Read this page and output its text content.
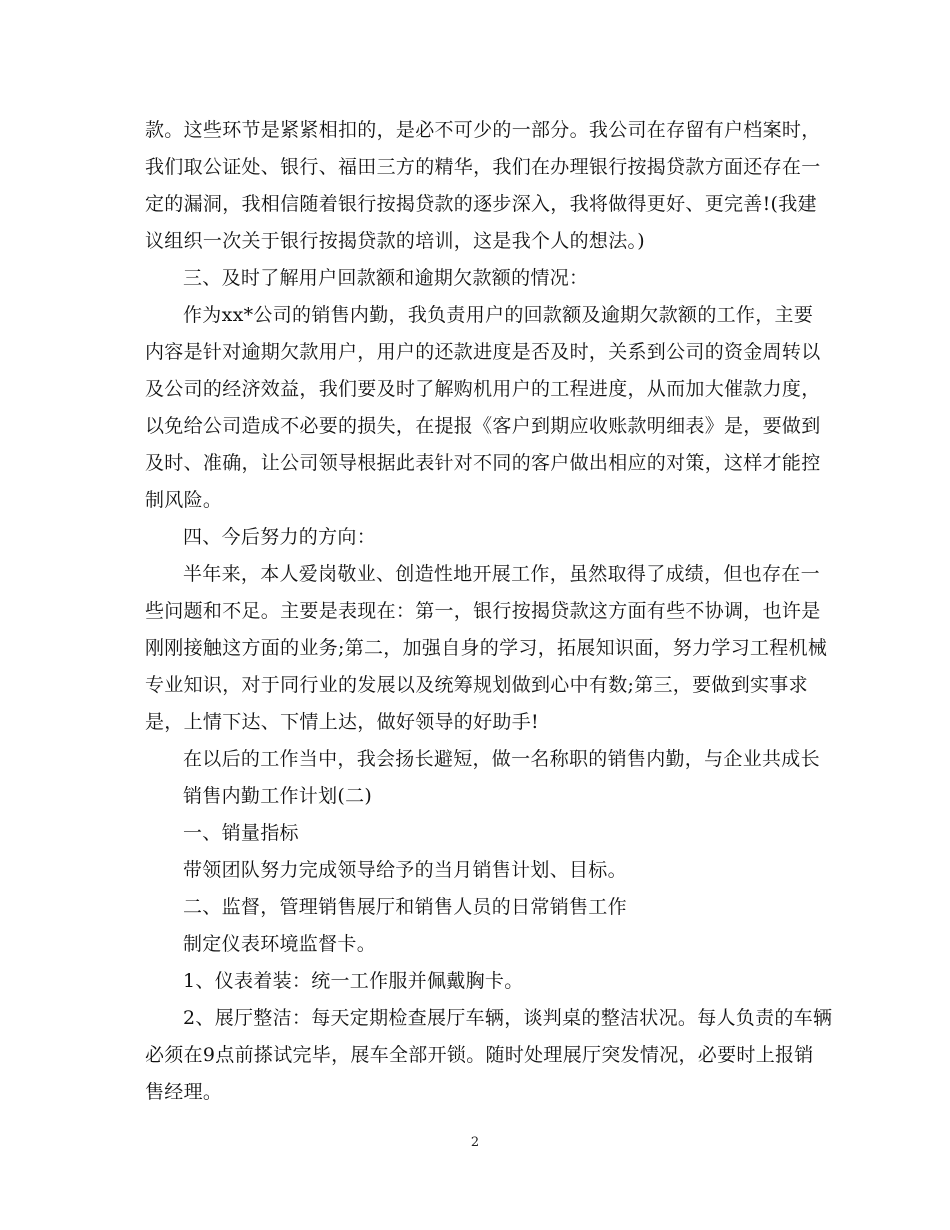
款。这些环节是紧紧相扣的，是必不可少的一部分。我公司在存留有户档案时，
我们取公证处、银行、福田三方的精华，我们在办理银行按揭贷款方面还存在一
定的漏洞，我相信随着银行按揭贷款的逐步深入，我将做得更好、更完善!(我建
议组织一次关于银行按揭贷款的培训，这是我个人的想法。)
三、及时了解用户回款额和逾期欠款额的情况：
作为xx*公司的销售内勤，我负责用户的回款额及逾期欠款额的工作，主要
内容是针对逾期欠款用户，用户的还款进度是否及时，关系到公司的资金周转以
及公司的经济效益，我们要及时了解购机用户的工程进度，从而加大催款力度，
以免给公司造成不必要的损失，在提报《客户到期应收账款明细表》是，要做到
及时、准确，让公司领导根据此表针对不同的客户做出相应的对策，这样才能控
制风险。
四、今后努力的方向：
半年来，本人爱岗敬业、创造性地开展工作，虽然取得了成绩，但也存在一
些问题和不足。主要是表现在：第一，银行按揭贷款这方面有些不协调，也许是
刚刚接触这方面的业务;第二，加强自身的学习，拓展知识面，努力学习工程机械
专业知识，对于同行业的发展以及统筹规划做到心中有数;第三，要做到实事求
是，上情下达、下情上达，做好领导的好助手!
在以后的工作当中，我会扬长避短，做一名称职的销售内勤，与企业共成长
销售内勤工作计划(二)
一、销量指标
带领团队努力完成领导给予的当月销售计划、目标。
二、监督，管理销售展厅和销售人员的日常销售工作
制定仪表环境监督卡。
1、仪表着装：统一工作服并佩戴胸卡。
2、展厅整洁：每天定期检查展厅车辆，谈判桌的整洁状况。每人负责的车辆
必须在9点前搽试完毕，展车全部开锁。随时处理展厅突发情况，必要时上报销
售经理。
2
